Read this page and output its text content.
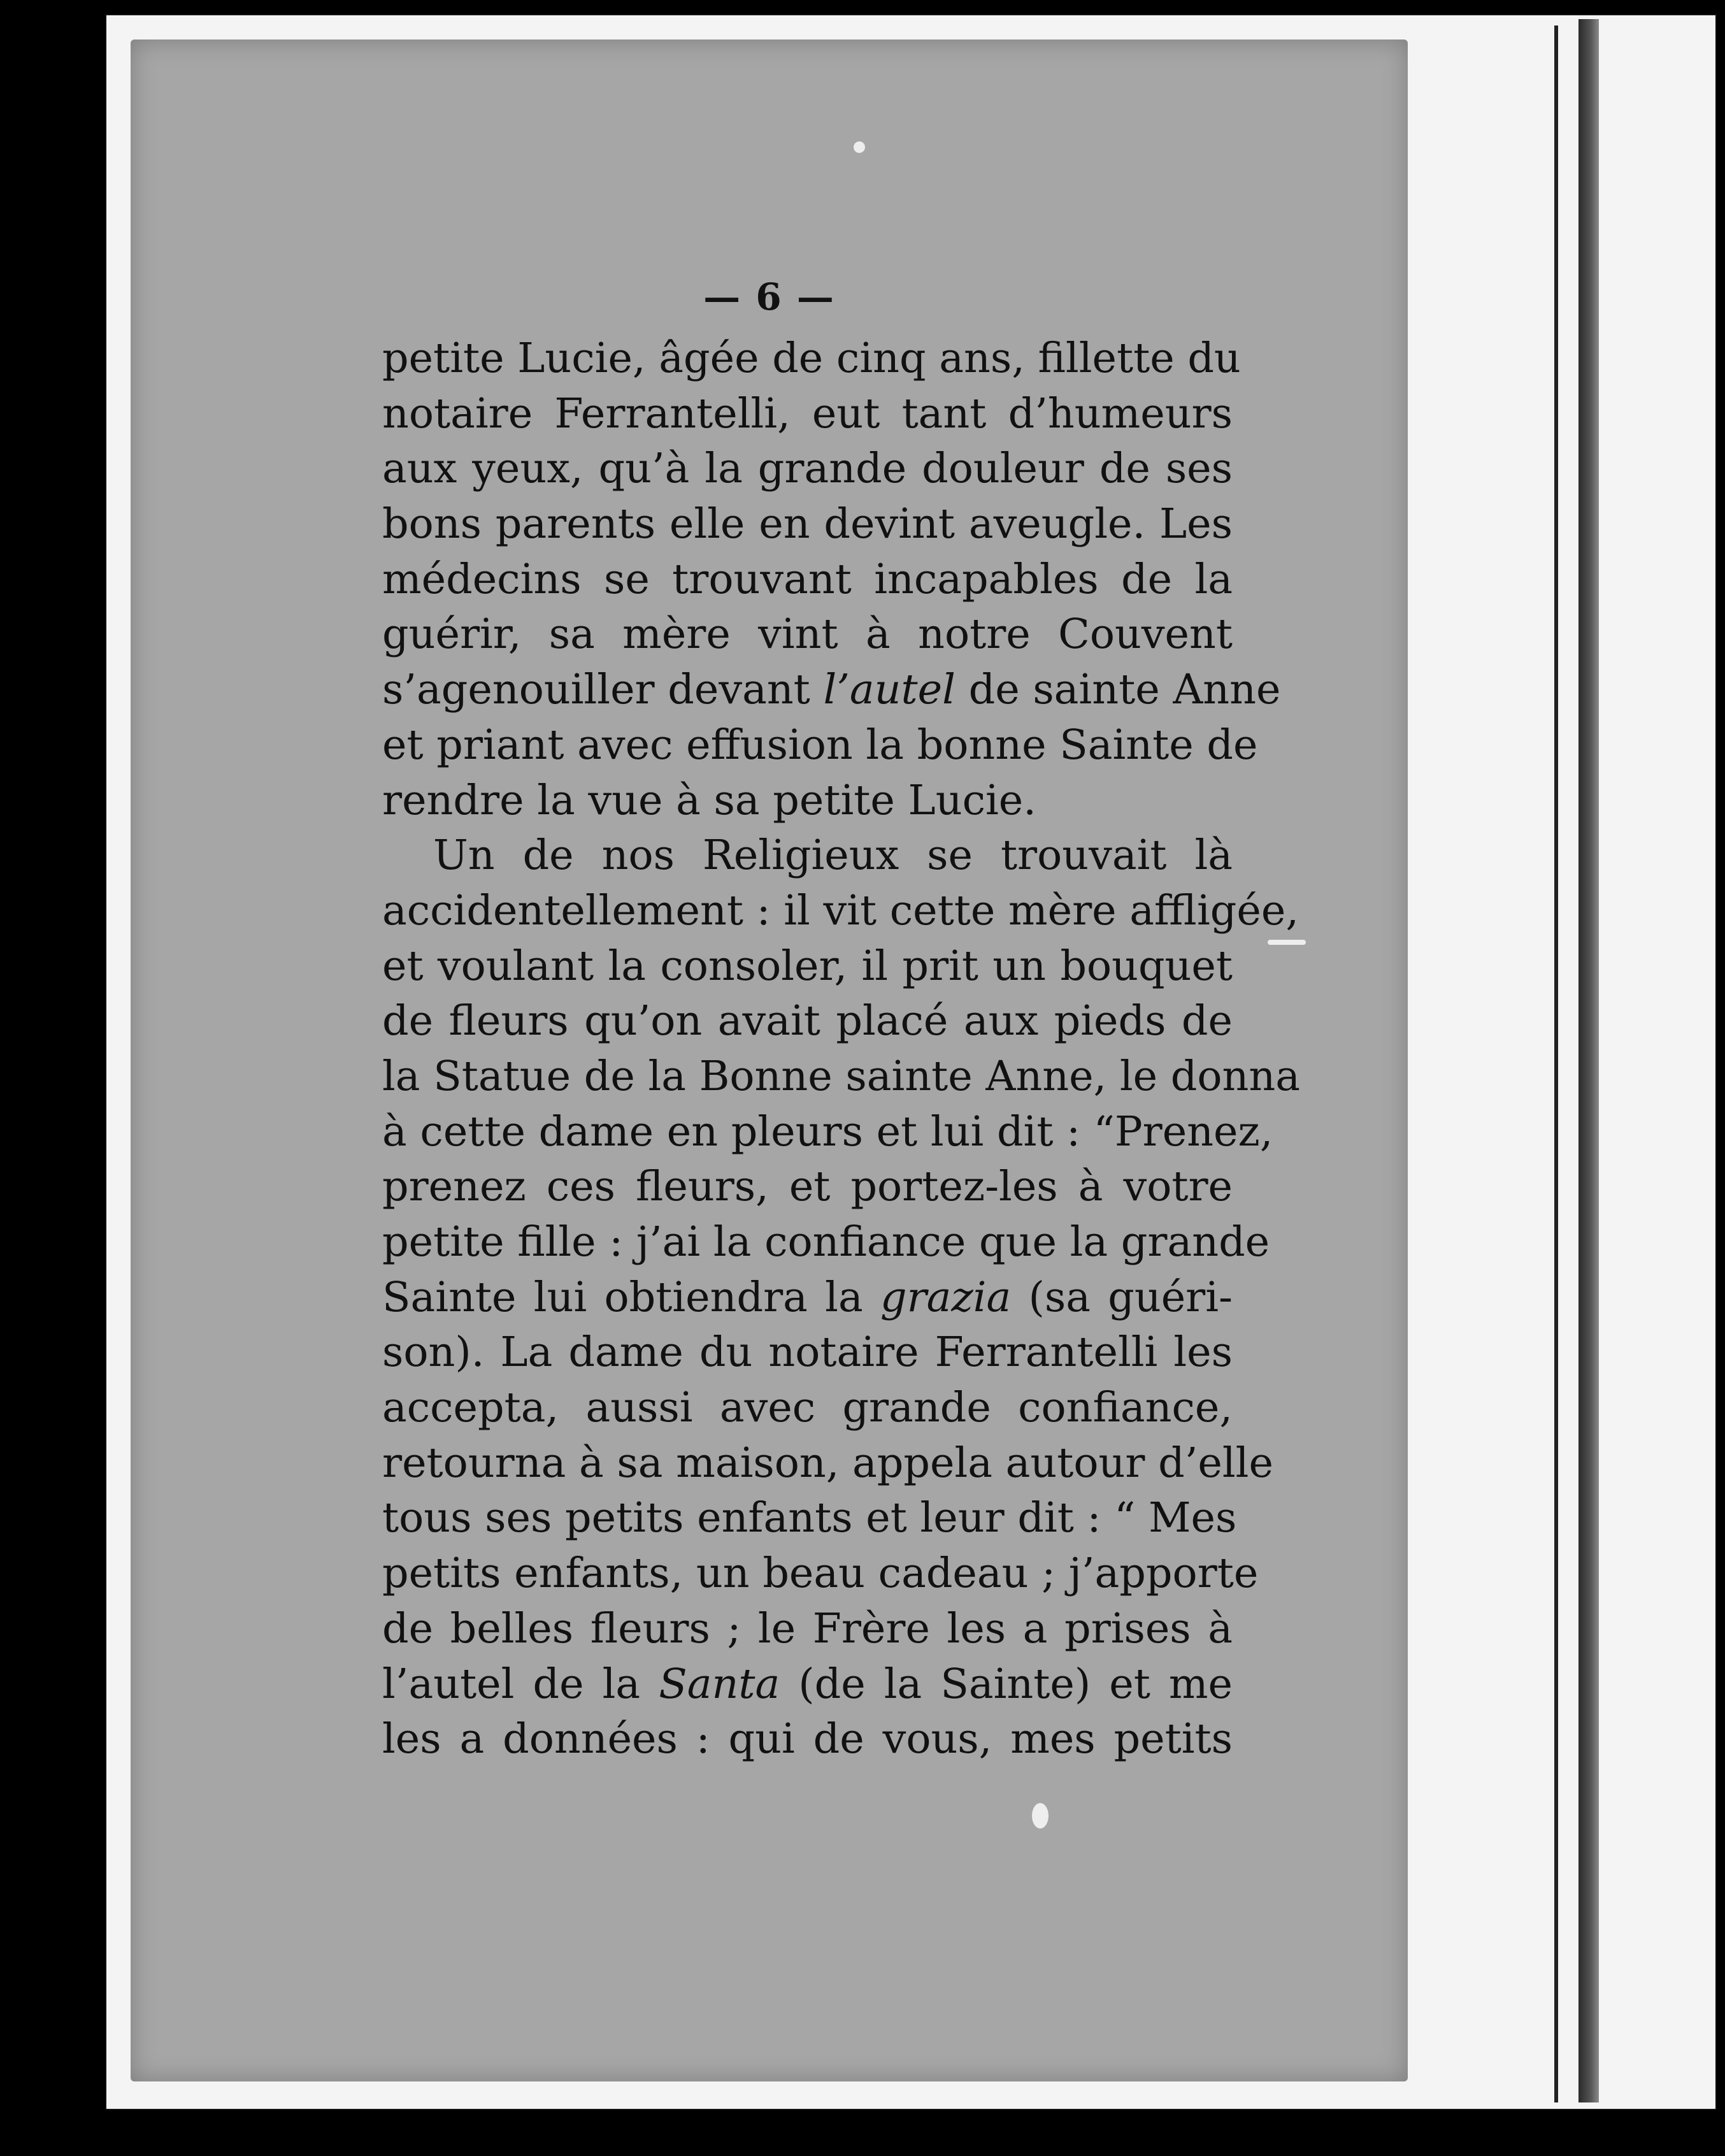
— 6 —
petite Lucie, âgée de cinq ans, fillette du
notaire Ferrantelli, eut tant d’humeurs
aux yeux, qu’à la grande douleur de ses
bons parents elle en devint aveugle. Les
médecins se trouvant incapables de la
guérir, sa mère vint à notre Couvent
s’agenouiller devant l’autel de sainte Anne
et priant avec effusion la bonne Sainte de
rendre la vue à sa petite Lucie.
Un de nos Religieux se trouvait là
accidentellement : il vit cette mère affligée,
et voulant la consoler, il prit un bouquet
de fleurs qu’on avait placé aux pieds de
la Statue de la Bonne sainte Anne, le donna
à cette dame en pleurs et lui dit : “Prenez,
prenez ces fleurs, et portez-les à votre
petite fille : j’ai la confiance que la grande
Sainte lui obtiendra la grazia (sa guéri-
son). La dame du notaire Ferrantelli les
accepta, aussi avec grande confiance,
retourna à sa maison, appela autour d’elle
tous ses petits enfants et leur dit : “ Mes
petits enfants, un beau cadeau ; j’apporte
de belles fleurs ; le Frère les a prises à
l’autel de la Santa (de la Sainte) et me
les a données : qui de vous, mes petits
